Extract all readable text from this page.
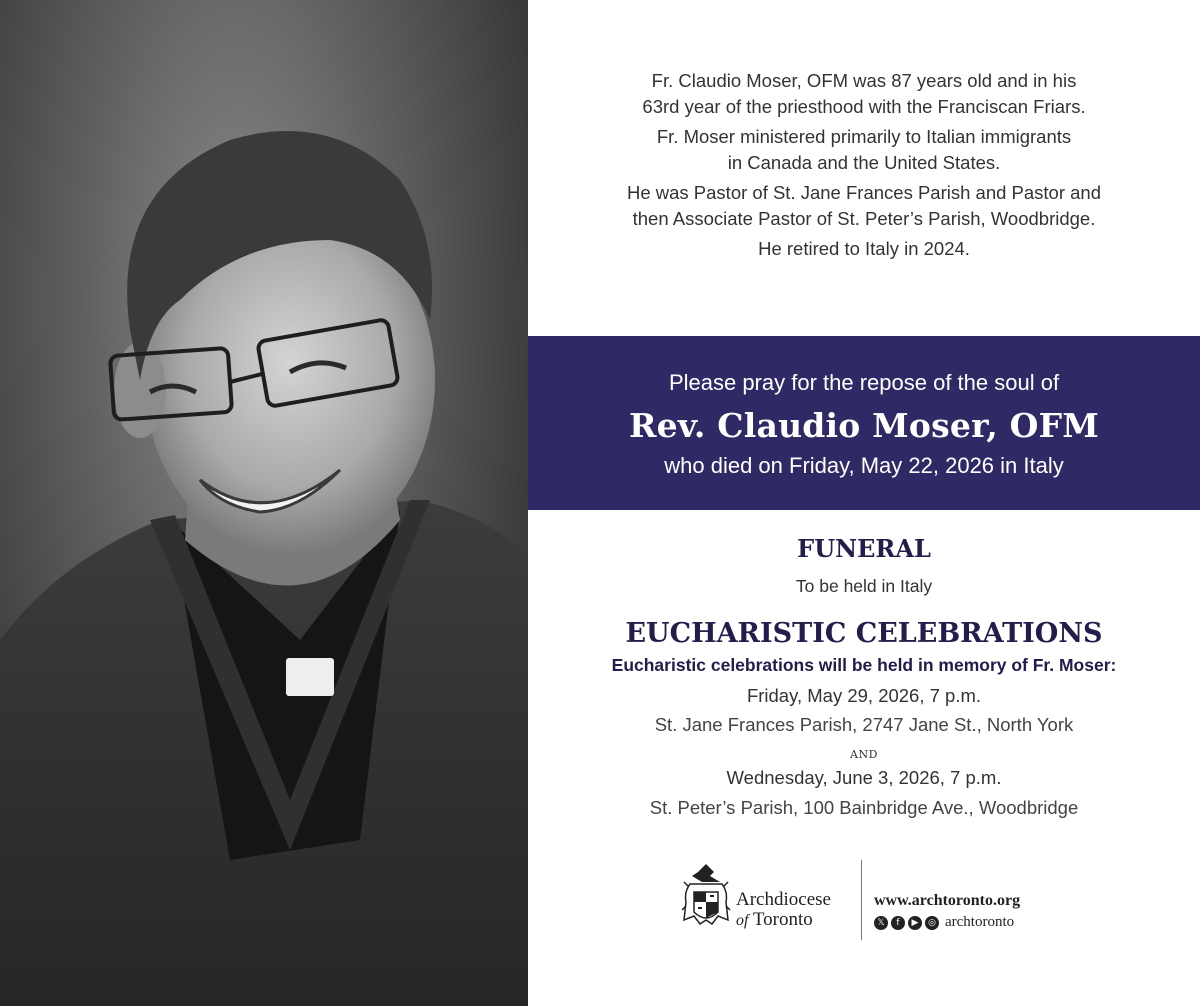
Fr. Claudio Moser, OFM was 87 years old and in his

63rd year of the priesthood with the Franciscan Friars.

Fr. Moser ministered primarily to Italian immigrants

in Canada and the United States.

He was Pastor of St. Jane Frances Parish and Pastor and

then Associate Pastor of St. Peter’s Parish, Woodbridge.

He retired to Italy in 2024.

Please pray for the repose of the soul of
Rev. Claudio Moser, OFM
who died on Friday, May 22, 2026 in Italy
FUNERAL
To be held in Italy
EUCHARISTIC CELEBRATIONS
Eucharistic celebrations will be held in memory of Fr. Moser:
Friday, May 29, 2026, 7 p.m.
St. Jane Frances Parish, 2747 Jane St., North York
AND
Wednesday, June 3, 2026, 7 p.m.
St. Peter’s Parish, 100 Bainbridge Ave., Woodbridge
Archdiocese
of Toronto
www.archtoronto.org
𝕏	f	▶	◎ archtoronto
